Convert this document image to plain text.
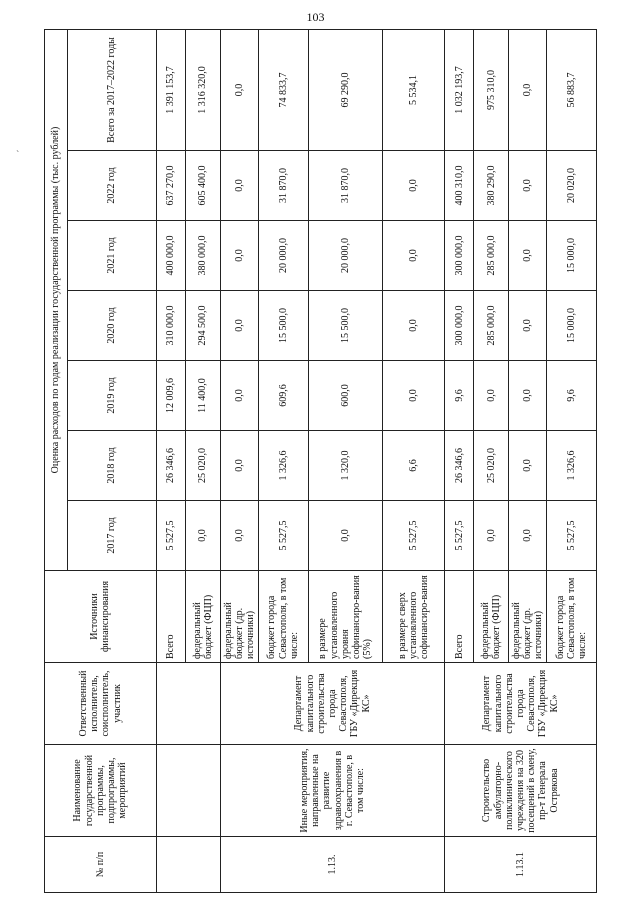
103
`
№ п/п	Наименование государственной программы, подпрограммы, мероприятий	Ответственный исполнитель, соисполнитель, участник	Источники финансирования	Оценка расходов по годам реализации государственной программы (тыс. рублей)						
				2017 год	2018 год	2019 год	2020 год	2021 год	2022 год	Всего за 2017–2022 годы
			Всего	5 527,5	26 346,6	12 009,6	310 000,0	400 000,0	637 270,0	1 391 153,7
			федеральный бюджет (ФЦП)	0,0	25 020,0	11 400,0	294 500,0	380 000,0	605 400,0	1 316 320,0
1.13.	Иные мероприятия, направленные на развитие здравоохранения в г. Севастополе, в том числе:	Департамент капитального строительства города Севастополя, ГБУ «Дирекция КС»	федеральный бюджет (др. источники)	0,0	0,0	0,0	0,0	0,0	0,0	0,0
			бюджет города Севастополя, в том числе:	5 527,5	1 326,6	609,6	15 500,0	20 000,0	31 870,0	74 833,7
			в размере установленного уровня софинансиро-вания (5%)	0,0	1 320,0	600,0	15 500,0	20 000,0	31 870,0	69 290,0
			в размере сверх установленного софинансиро-вания	5 527,5	6,6	0,0	0,0	0,0	0,0	5 534,1
1.13.1	Строительство амбулаторно-поликлинического учреждения на 320 посещений в смену, пр-т Генерала Острякова	Департамент капитального строительства города Севастополя, ГБУ «Дирекция КС»	Всего	5 527,5	26 346,6	9,6	300 000,0	300 000,0	400 310,0	1 032 193,7
			федеральный бюджет (ФЦП)	0,0	25 020,0	0,0	285 000,0	285 000,0	380 290,0	975 310,0
			федеральный бюджет (др. источники)	0,0	0,0	0,0	0,0	0,0	0,0	0,0
			бюджет города Севастополя, в том числе:	5 527,5	1 326,6	9,6	15 000,0	15 000,0	20 020,0	56 883,7
